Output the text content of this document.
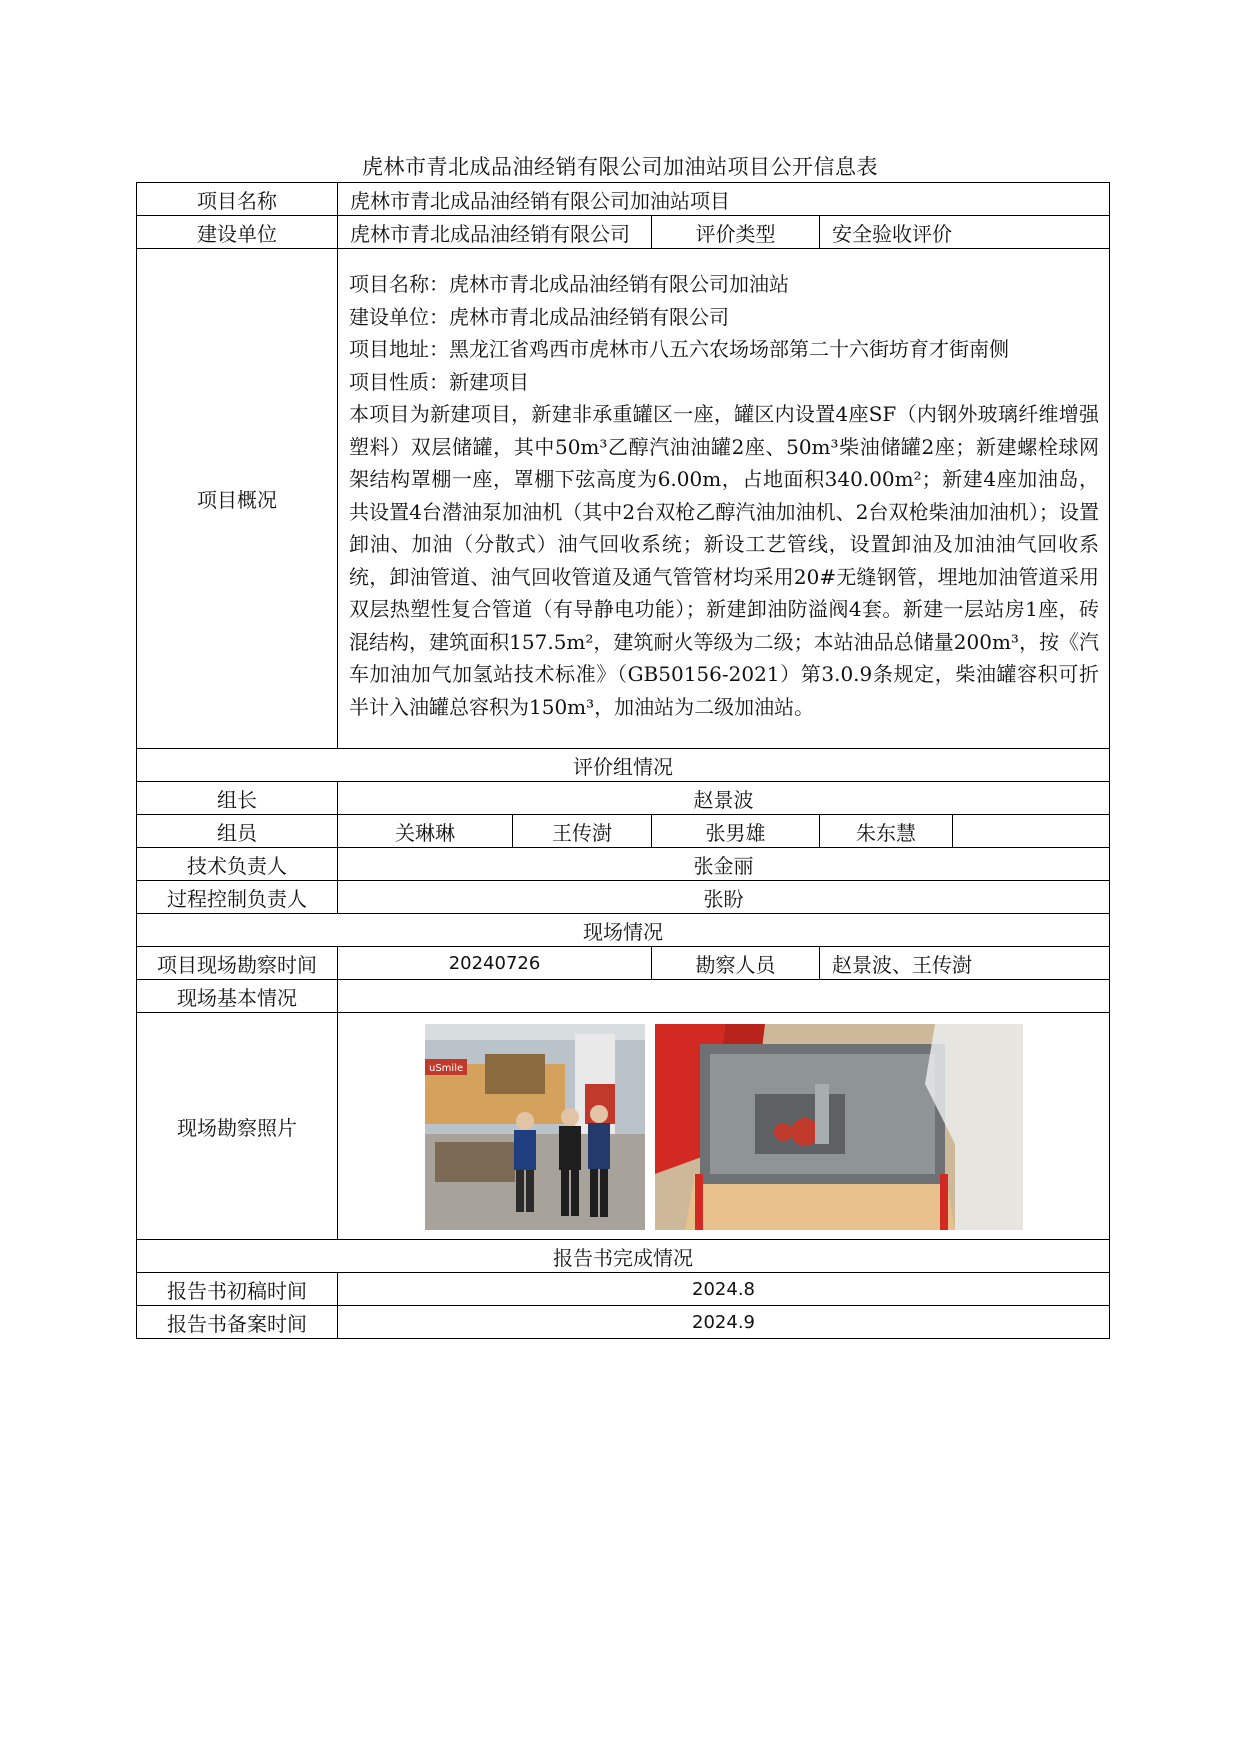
虎林市青北成品油经销有限公司加油站项目公开信息表
项目名称	虎林市青北成品油经销有限公司加油站项目				
建设单位	虎林市青北成品油经销有限公司		评价类型	安全验收评价	
项目概况	项目名称：虎林市青北成品油经销有限公司加油站
建设单位：虎林市青北成品油经销有限公司
项目地址：黑龙江省鸡西市虎林市八五六农场场部第二十六街坊育才街南侧
项目性质：新建项目
本项目为新建项目，新建非承重罐区一座，罐区内设置4座SF（内钢外玻璃纤维增强塑料）双层储罐，其中50m³乙醇汽油油罐2座、50m³柴油储罐2座；新建螺栓球网架结构罩棚一座，罩棚下弦高度为6.00m，占地面积340.00m²；新建4座加油岛，共设置4台潜油泵加油机（其中2台双枪乙醇汽油加油机、2台双枪柴油加油机）；设置卸油、加油（分散式）油气回收系统；新设工艺管线，设置卸油及加油油气回收系统，卸油管道、油气回收管道及通气管管材均采用20#无缝钢管，埋地加油管道采用双层热塑性复合管道（有导静电功能）；新建卸油防溢阀4套。新建一层站房1座，砖混结构，建筑面积157.5m²，建筑耐火等级为二级；本站油品总储量200m³，按《汽车加油加气加氢站技术标准》（GB50156-2021）第3.0.9条规定，柴油罐容积可折半计入油罐总容积为150m³，加油站为二级加油站。				

评价组情况					
组长	赵景波				
组员	关琳琳	王传澍	张男雄	朱东慧	
技术负责人	张金丽				
过程控制负责人	张盼				
现场情况					
项目现场勘察时间	20240726		勘察人员	赵景波、王传澍	
现场基本情况					
现场勘察照片	uSmile				

报告书完成情况					
报告书初稿时间	2024.8				
报告书备案时间	2024.9				
